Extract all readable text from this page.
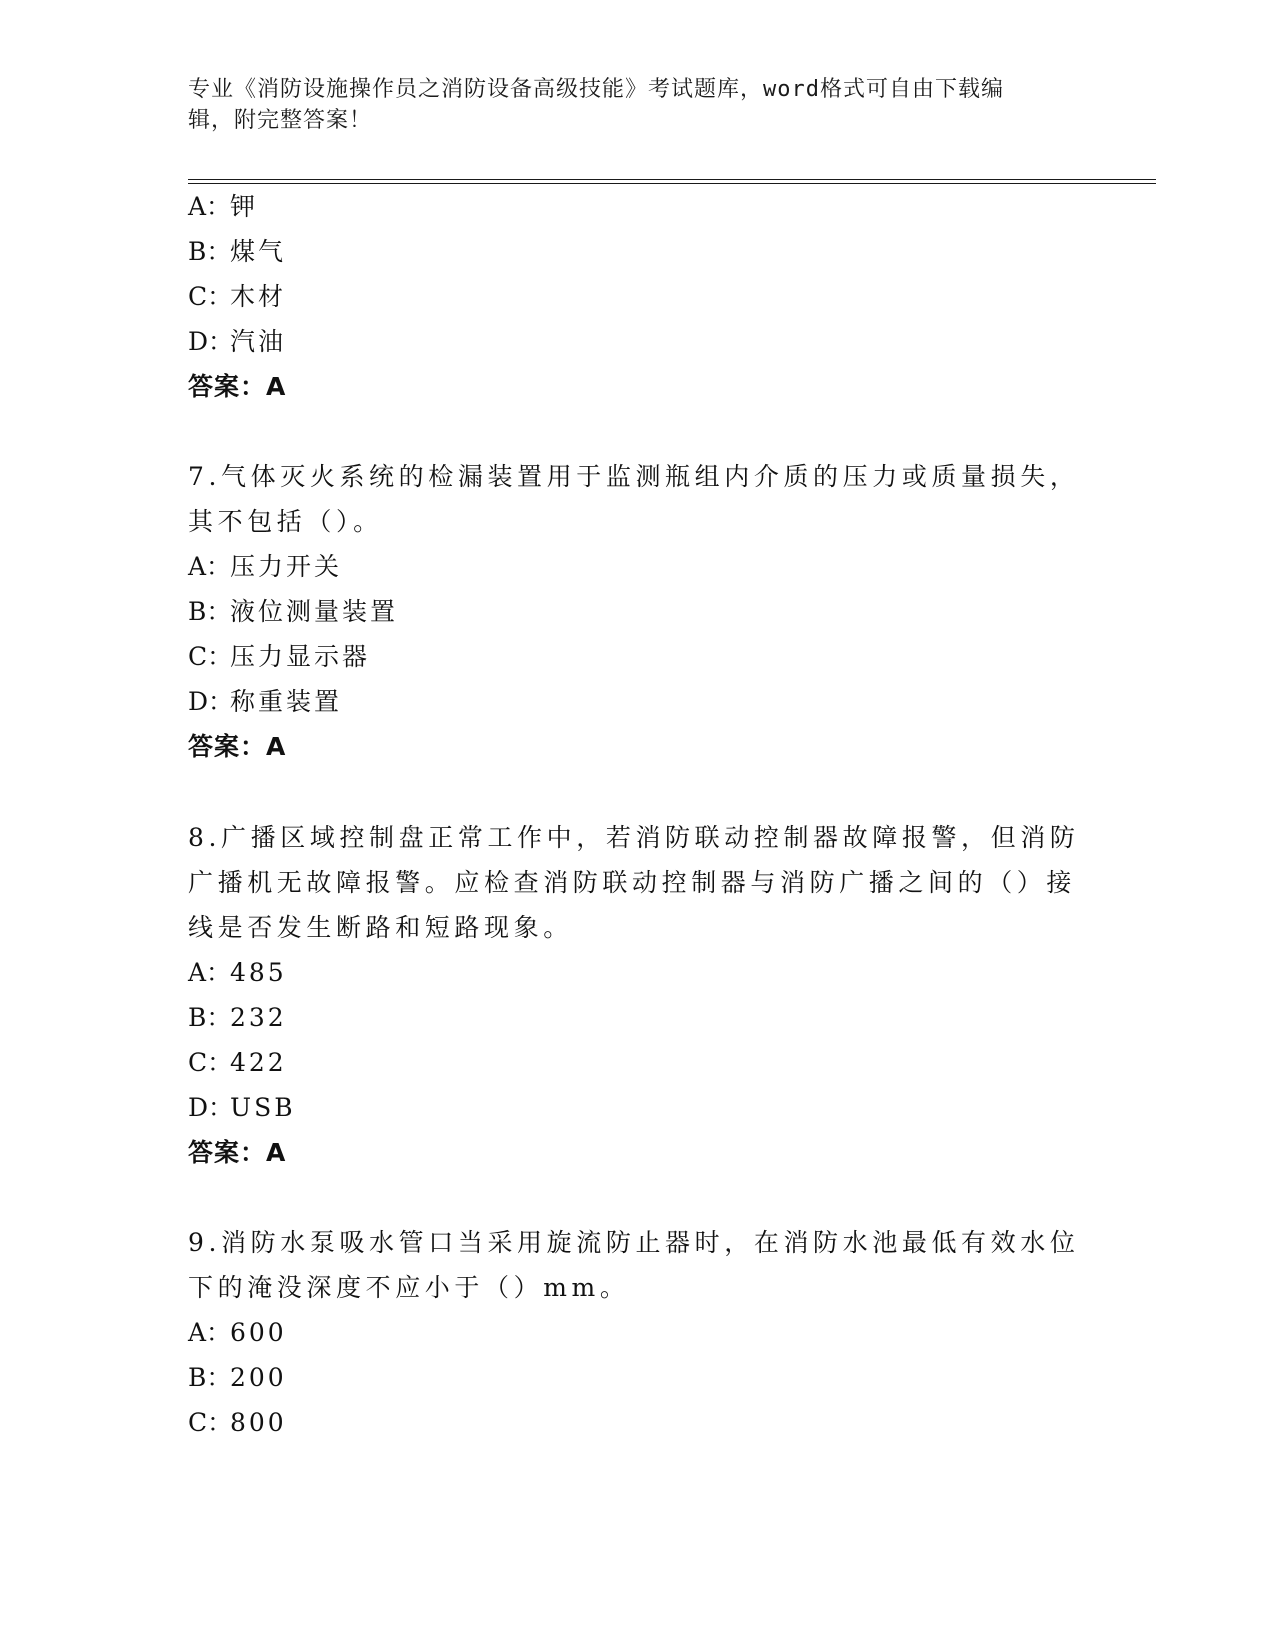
专业《消防设施操作员之消防设备高级技能》考试题库，word格式可自由下载编
辑，附完整答案！
A：钾
B：煤气
C：木材
D：汽油
答案：A
7.气体灭火系统的检漏装置用于监测瓶组内介质的压力或质量损失，
其不包括（）。
A：压力开关
B：液位测量装置
C：压力显示器
D：称重装置
答案：A
8.广播区域控制盘正常工作中，若消防联动控制器故障报警，但消防
广播机无故障报警。应检查消防联动控制器与消防广播之间的（）接
线是否发生断路和短路现象。
A：485
B：232
C：422
D：USB
答案：A
9.消防水泵吸水管口当采用旋流防止器时，在消防水池最低有效水位
下的淹没深度不应小于（）mm。
A：600
B：200
C：800
